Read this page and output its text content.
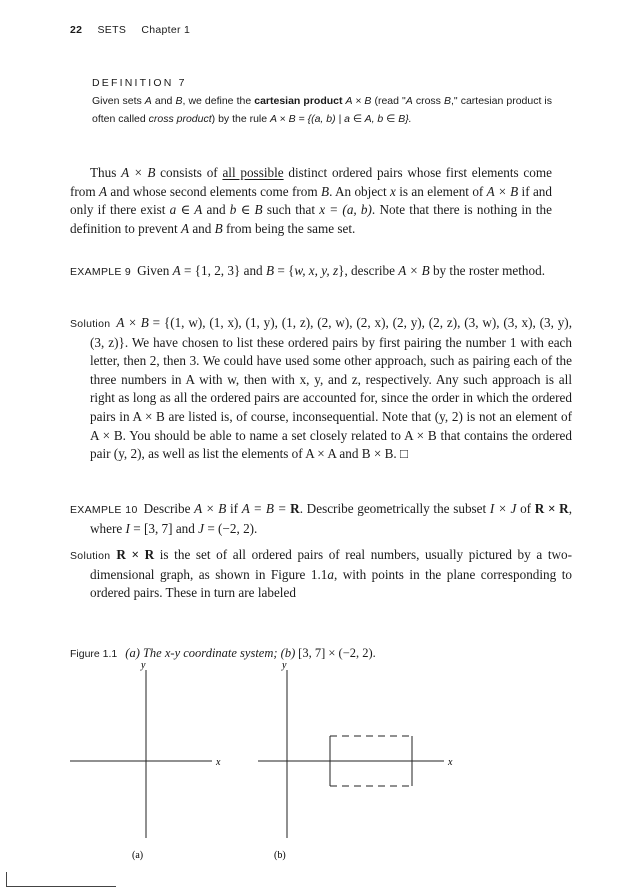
22 SETS Chapter 1
DEFINITION 7
Given sets A and B, we define the cartesian product A × B (read "A cross B," cartesian product is often called cross product) by the rule A × B = {(a, b) | a ∈ A, b ∈ B}.
Thus A × B consists of all possible distinct ordered pairs whose first elements come from A and whose second elements come from B. An object x is an element of A × B if and only if there exist a ∈ A and b ∈ B such that x = (a, b). Note that there is nothing in the definition to prevent A and B from being the same set.
EXAMPLE 9 Given A = {1, 2, 3} and B = {w, x, y, z}, describe A × B by the roster method.
Solution A × B = {(1, w), (1, x), (1, y), (1, z), (2, w), (2, x), (2, y), (2, z), (3, w), (3, x), (3, y), (3, z)}. We have chosen to list these ordered pairs by first pairing the number 1 with each letter, then 2, then 3. We could have used some other approach, such as pairing each of the three numbers in A with w, then with x, y, and z, respectively. Any such approach is all right as long as all the ordered pairs are accounted for, since the order in which the ordered pairs in A × B are listed is, of course, inconsequential. Note that (y, 2) is not an element of A × B. You should be able to name a set closely related to A × B that contains the ordered pair (y, 2), as well as list the elements of A × A and B × B. □
EXAMPLE 10 Describe A × B if A = B = R. Describe geometrically the subset I × J of R × R, where I = [3, 7] and J = (−2, 2).
Solution R × R is the set of all ordered pairs of real numbers, usually pictured by a two-dimensional graph, as shown in Figure 1.1a, with points in the plane corresponding to ordered pairs. These in turn are labeled
Figure 1.1 (a) The x-y coordinate system; (b) [3, 7] × (−2, 2).
y
x
(a)
y
x
(b)
